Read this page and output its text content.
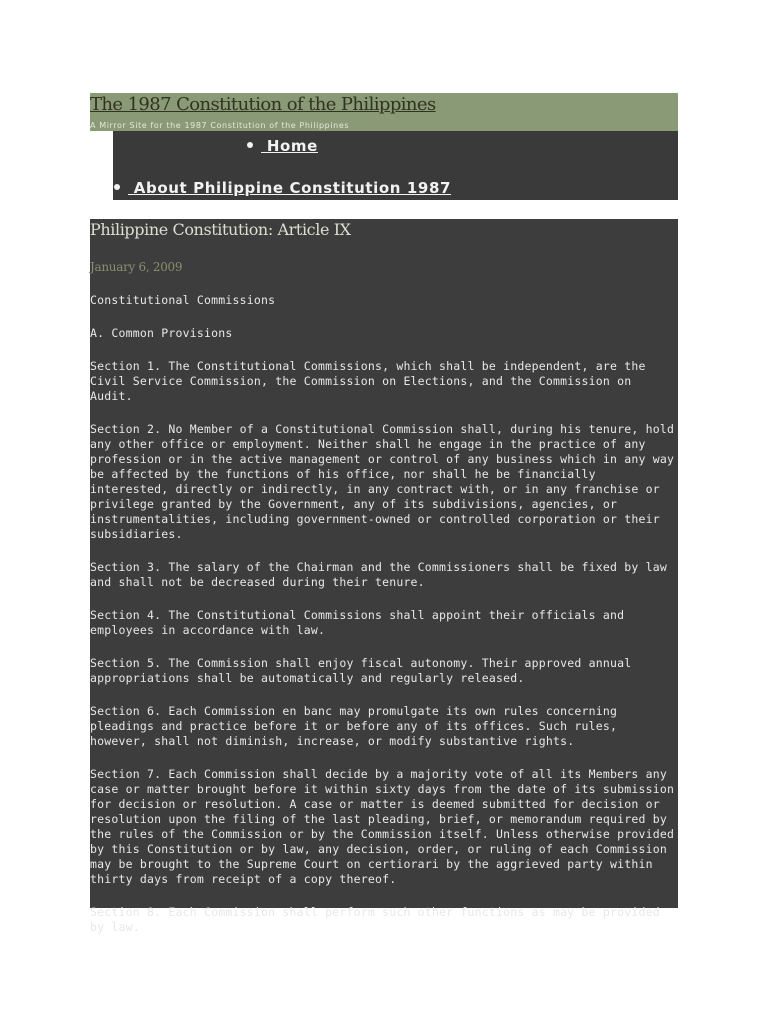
The 1987 Constitution of the Philippines
A Mirror Site for the 1987 Constitution of the Philippines
Home
About Philippine Constitution 1987
Philippine Constitution: Article IX
January 6, 2009

Constitutional Commissions

A. Common Provisions

Section 1. The Constitutional Commissions, which shall be independent, are the Civil Service Commission, the Commission on Elections, and the Commission on Audit.

Section 2. No Member of a Constitutional Commission shall, during his tenure, hold any other office or employment. Neither shall he engage in the practice of any profession or in the active management or control of any business which in any way be affected by the functions of his office, nor shall he be financially interested, directly or indirectly, in any contract with, or in any franchise or privilege granted by the Government, any of its subdivisions, agencies, or instrumentalities, including government-owned or controlled corporation or their subsidiaries.

Section 3. The salary of the Chairman and the Commissioners shall be fixed by law and shall not be decreased during their tenure.

Section 4. The Constitutional Commissions shall appoint their officials and employees in accordance with law.

Section 5. The Commission shall enjoy fiscal autonomy. Their approved annual appropriations shall be automatically and regularly released.

Section 6. Each Commission en banc may promulgate its own rules concerning pleadings and practice before it or before any of its offices. Such rules, however, shall not diminish, increase, or modify substantive rights.

Section 7. Each Commission shall decide by a majority vote of all its Members any case or matter brought before it within sixty days from the date of its submission for decision or resolution. A case or matter is deemed submitted for decision or resolution upon the filing of the last pleading, brief, or memorandum required by the rules of the Commission or by the Commission itself. Unless otherwise provided by this Constitution or by law, any decision, order, or ruling of each Commission may be brought to the Supreme Court on certiorari by the aggrieved party within thirty days from receipt of a copy thereof.

Section 8. Each Commission shall perform such other functions as may be provided by law.
